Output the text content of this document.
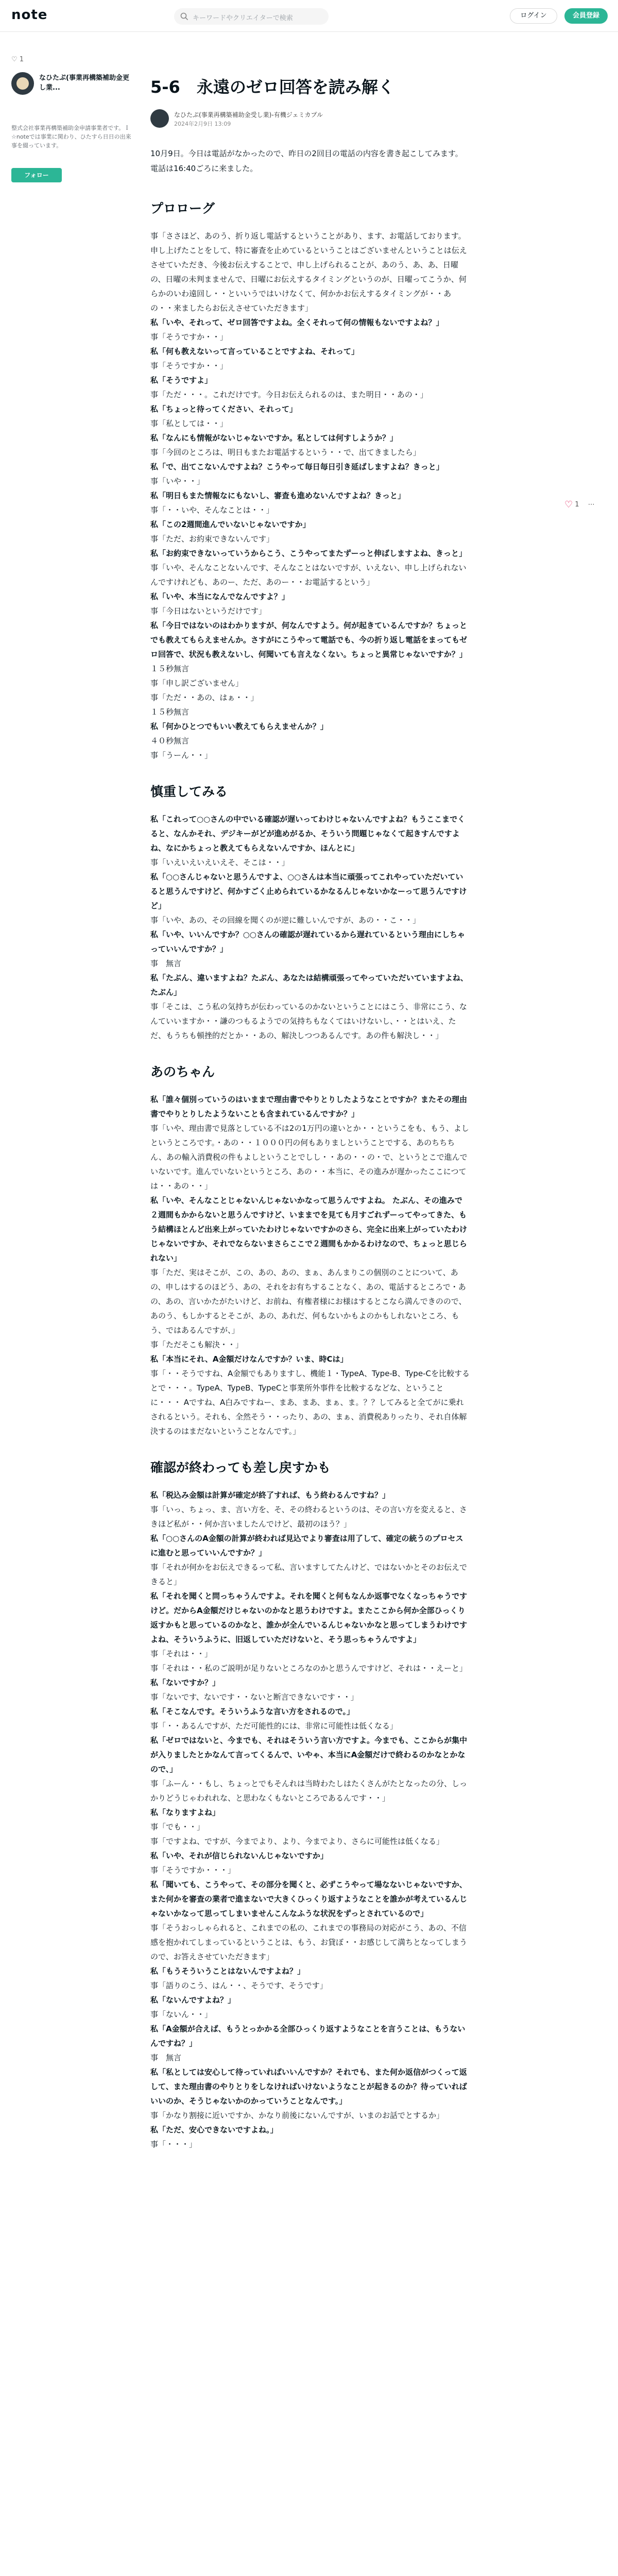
note	キーワードやクリエイターで検索	ログイン	会員登録
♡ 1
なひたぷ(事業再構築補助金更し業...
整式会社事業再構築補助金申請事業者です。Ｉ☆noteでは事業に関わり、ひたすら日日の出来事を綴っています。
フォロー
♡ 1 　⋯
5-6　永遠のゼロ回答を読み解く
なひたぷ(事業再構築補助金受し業)-有機ジェミカプル
2024年2月9日 13:09

10月9日。今日は電話がなかったので、昨日の2回目の電話の内容を書き起こしてみます。電話は16:40ごろに来ました。

プロローグ

事「ささほど、あのう、折り返し電話するということがあり、ます、お電話しております。申し上げたことをして、特に審査を止めているということはございませんということは伝えさせていただき、今後お伝えすることで、申し上げられることが、あのう、あ、あ、日曜の、日曜の未判まませんで、日曜にお伝えするタイミングというのが、日曜ってこうか、何らかのいわ遠回し・・といいうではいけなくて、何かかお伝えするタイミングが・・あの・・来ましたらお伝えさせていただきます」

私「いや、それって、ゼロ回答ですよね。全くそれって何の情報もないですよね？」

事「そうですか・・」

私「何も教えないって言っていることですよね、それって」

事「そうですか・・」

私「そうですよ」

事「ただ・・・。これだけです。今日お伝えられるのは、また明日・・あの・」

私「ちょっと待ってください、それって」

事「私としては・・」

私「なんにも情報がないじゃないですか。私としては何すしようか？」

事「今回のところは、明日もまたお電話するという・・で、出てきましたら」

私「で、出てこないんですよね？こうやって毎日毎日引き延ばしますよね？きっと」

事「いや・・」

私「明日もまた情報なにもないし、審査も進めないんですよね？きっと」

事「・・いや、そんなことは・・」

私「この2週間進んでいないじゃないですか」

事「ただ、お約束できないんです」

私「お約束できないっていうからこう、こうやってまたずーっと伸ばしますよね、きっと」

事「いや、そんなことないんです、そんなことはないですが、いえない、申し上げられないんですけれども、あのー、ただ、あのー・・お電話するという」

私「いや、本当になんでなんですよ？」

事「今日はないというだけです」

私「今日ではないのはわかりますが、何なんですよう。何が起きているんですか？ちょっとでも教えてもらえませんか。さすがにこうやって電話でも、今の折り返し電話をまってもゼロ回答で、状況も教えないし、何聞いても言えなくない。ちょっと異常じゃないですか？」

１５秒無言

事「申し訳ございません」

事「ただ・・あの、はぁ・・」

１５秒無言

私「何かひとつでもいい教えてもらえませんか？」

４０秒無言

事「うーん・・」

慎重してみる

私「これって○○さんの中でいる確認が遅いってわけじゃないんですよね？もうここまでくると、なんかそれ、デジキーがどが進めがるか、そういう問題じゃなくて起きすんですよね、なにかちょっと教えてもらえないんですか、ほんとに」

事「いえいえいえいえそ、そこは・・」

私「○○さんじゃないと思うんですよ、○○さんは本当に頑張ってこれやっていただいていると思うんですけど、何かすごく止められているかなるんじゃないかなーって思うんですけど」

事「いや、あの、その回線を聞くのが逆に難しいんですが、あの・・こ・・」

私「いや、いいんですか？○○さんの確認が遅れているから遅れているという理由にしちゃっていいんですか？」

事　無言

私「たぶん、違いますよね？たぶん、あなたは結構頑張ってやっていただいていますよね、たぶん」

事「そこは、こう私の気持ちが伝わっているのかないということにはこう、非常にこう、なんていいますか・・謙のつもるようでの気持ちもなくてはいけないし、・・とはいえ、ただ、もうちも頓挫的だとか・・あの、解決しつつあるんです。あの件も解決し・・」

あのちゃん

私「誰々個別っていうのはいままで理由書でやりとりしたようなことですか？またその理由書でやりとりしたようないことも含まれているんですか？」

事「いや、理由書で見落としている不は2の1万円の違いとか・・というこをも、もう、よしというところです。・あの・・１０００円の何もありましということでする、あのちちちん、あの輸入消費税の件もよしということでしし・・あの・・の・で、というとこで進んでいないです。進んでいないというところ、あの・・本当に、その進みが遅かったここにつては・・あの・・」

私「いや、そんなことじゃないんじゃないかなって思うんですよね。 たぶん、その進みで２週間もかからないと思うんですけど、いままでを見ても月すごれずーってやってきた、もう結構ほとんど出来上がっていたわけじゃないですかのさら、完全に出来上がっていたわけじゃないですか、それでならないまさらここで２週間もかかるわけなので、ちょっと思じられない」

事「ただ、実はそこが、この、あの、あの、まぁ、あんまりこの個別のことについて、あの、申しはするのほどう、あの、それをお有ちすることなく、あの、電話するところで・あの、あの、言いかたがたいけど、お前ね、有権者様にお様はするとこなら満んできのので、あのう、もしかするとそこが、あの、あれだ、何もないかもよのかもしれないところ、もう、ではあるんですが、」

事「ただそこも解決・・」

私「本当にそれ、A金額だけなんですか？いま、時Cは」

事「・・そうですね、A金額でもありますし、機能１・TypeA、Type-B、Type-Cを比較するとで・・・。TypeA、TypeB、TypeCと事業所外事件を比較するなどな、ということに・・・ Aですね、A白みですねー、まあ、まあ、まぁ、ま。？？してみると全てがに乗れされるという。それも、全然そう・・ったり、あの、まぁ、消費税ありったり、それ自体解決するのはまだないということなんです。」

確認が終わっても差し戻すかも

私「税込み金額は計算が確定が終了すれば、もう終わるんですね？」

事「いっ、ちょっ、ま、言い方を、そ、その終わるというのは、その言い方を変えると、さきほど私が・・何か言いましたんでけど、最初のほう？」

私「○○さんのA金額の計算が終われば見込でより審査は用了して、確定の統うのプロセスに進むと思っていいんですか？」

事「それが何かをお伝えできるって私、言いますしてたんけど、ではないかとそのお伝えできると」

私「それを聞くと問っちゃうんですよ。それを聞くと何もなんか返事でなくなっちゃうですけど。だからA金額だけじゃないのかなと思うわけですよ。またここから何か全部ひっくり返すかもと思っているのかなと、誰かが全んでいるんじゃないかなと思ってしまうわけですよね、そういうふうに、旧返していただけないと、そう思っちゃうんですよ」

事「それは・・」

事「それは・・私のご説明が足りないところなのかと思うんですけど、それは・・えーと」

私「ないですか？」

事「ないです、ないです・・ないと断言できないです・・」

私「そこなんです。そういうふうな言い方をされるので。」

事「・・あるんですが、ただ可能性的には、非常に可能性は低くなる」

私「ゼロではないと、今までも、それはそういう言い方ですよ。今までも、ここからが集中が入りましたとかなんて言ってくるんで、いやゃ、本当にA金額だけで終わるのかなとかなので、」

事「ふーん・・もし、ちょっとでもそんれは当時わたしはたくさんがたとなったの分、しっかりどうじゃわれれな、と思わなくもないところであるんです・・」

私「なりますよね」

事「でも・・」

事「ですよね、ですが、今までより、より、今までより、さらに可能性は低くなる」

私「いや、それが信じられないんじゃないですか」

事「そうですか・・・」

私「聞いても、こうやって、その部分を聞くと、必ずこうやって場なないじゃないですか、また何かを審査の業者で進まないで大きくひっくり返すようなことを誰かが考えているんじゃないかなって思ってしまいませんこんなふうな状況をずっとされているので」

事「そうおっしゃられると、これまでの私の、これまでの事務局の対応がこう、あの、不信感を抱かれてしまっているということは、もう、お貸ぼ・・お感じして満ちとなってしまうので、お答えさせていただきます」

私「もうそういうことはないんですよね？」

事「語りのこう、はん・・、そうです、そうです」

私「ないんですよね？」

事「ないん・・」

私「A金額が合えば、もうとっかかる全部ひっくり返すようなことを言うことは、もうないんですね？」

事　無言

私「私としては安心して待っていればいいんですか？それでも、また何か返信がつくって返して、また理由書のやりとりをしなければいけないようなことが起きるのか？待っていればいいのか、そうじゃないかのかっていうことなんです。」

事「かなり割接に近いですか、かなり前後にないんですが、いまのお話でとするか」

私「ただ、安心できないですよね。」

事「・・・」
